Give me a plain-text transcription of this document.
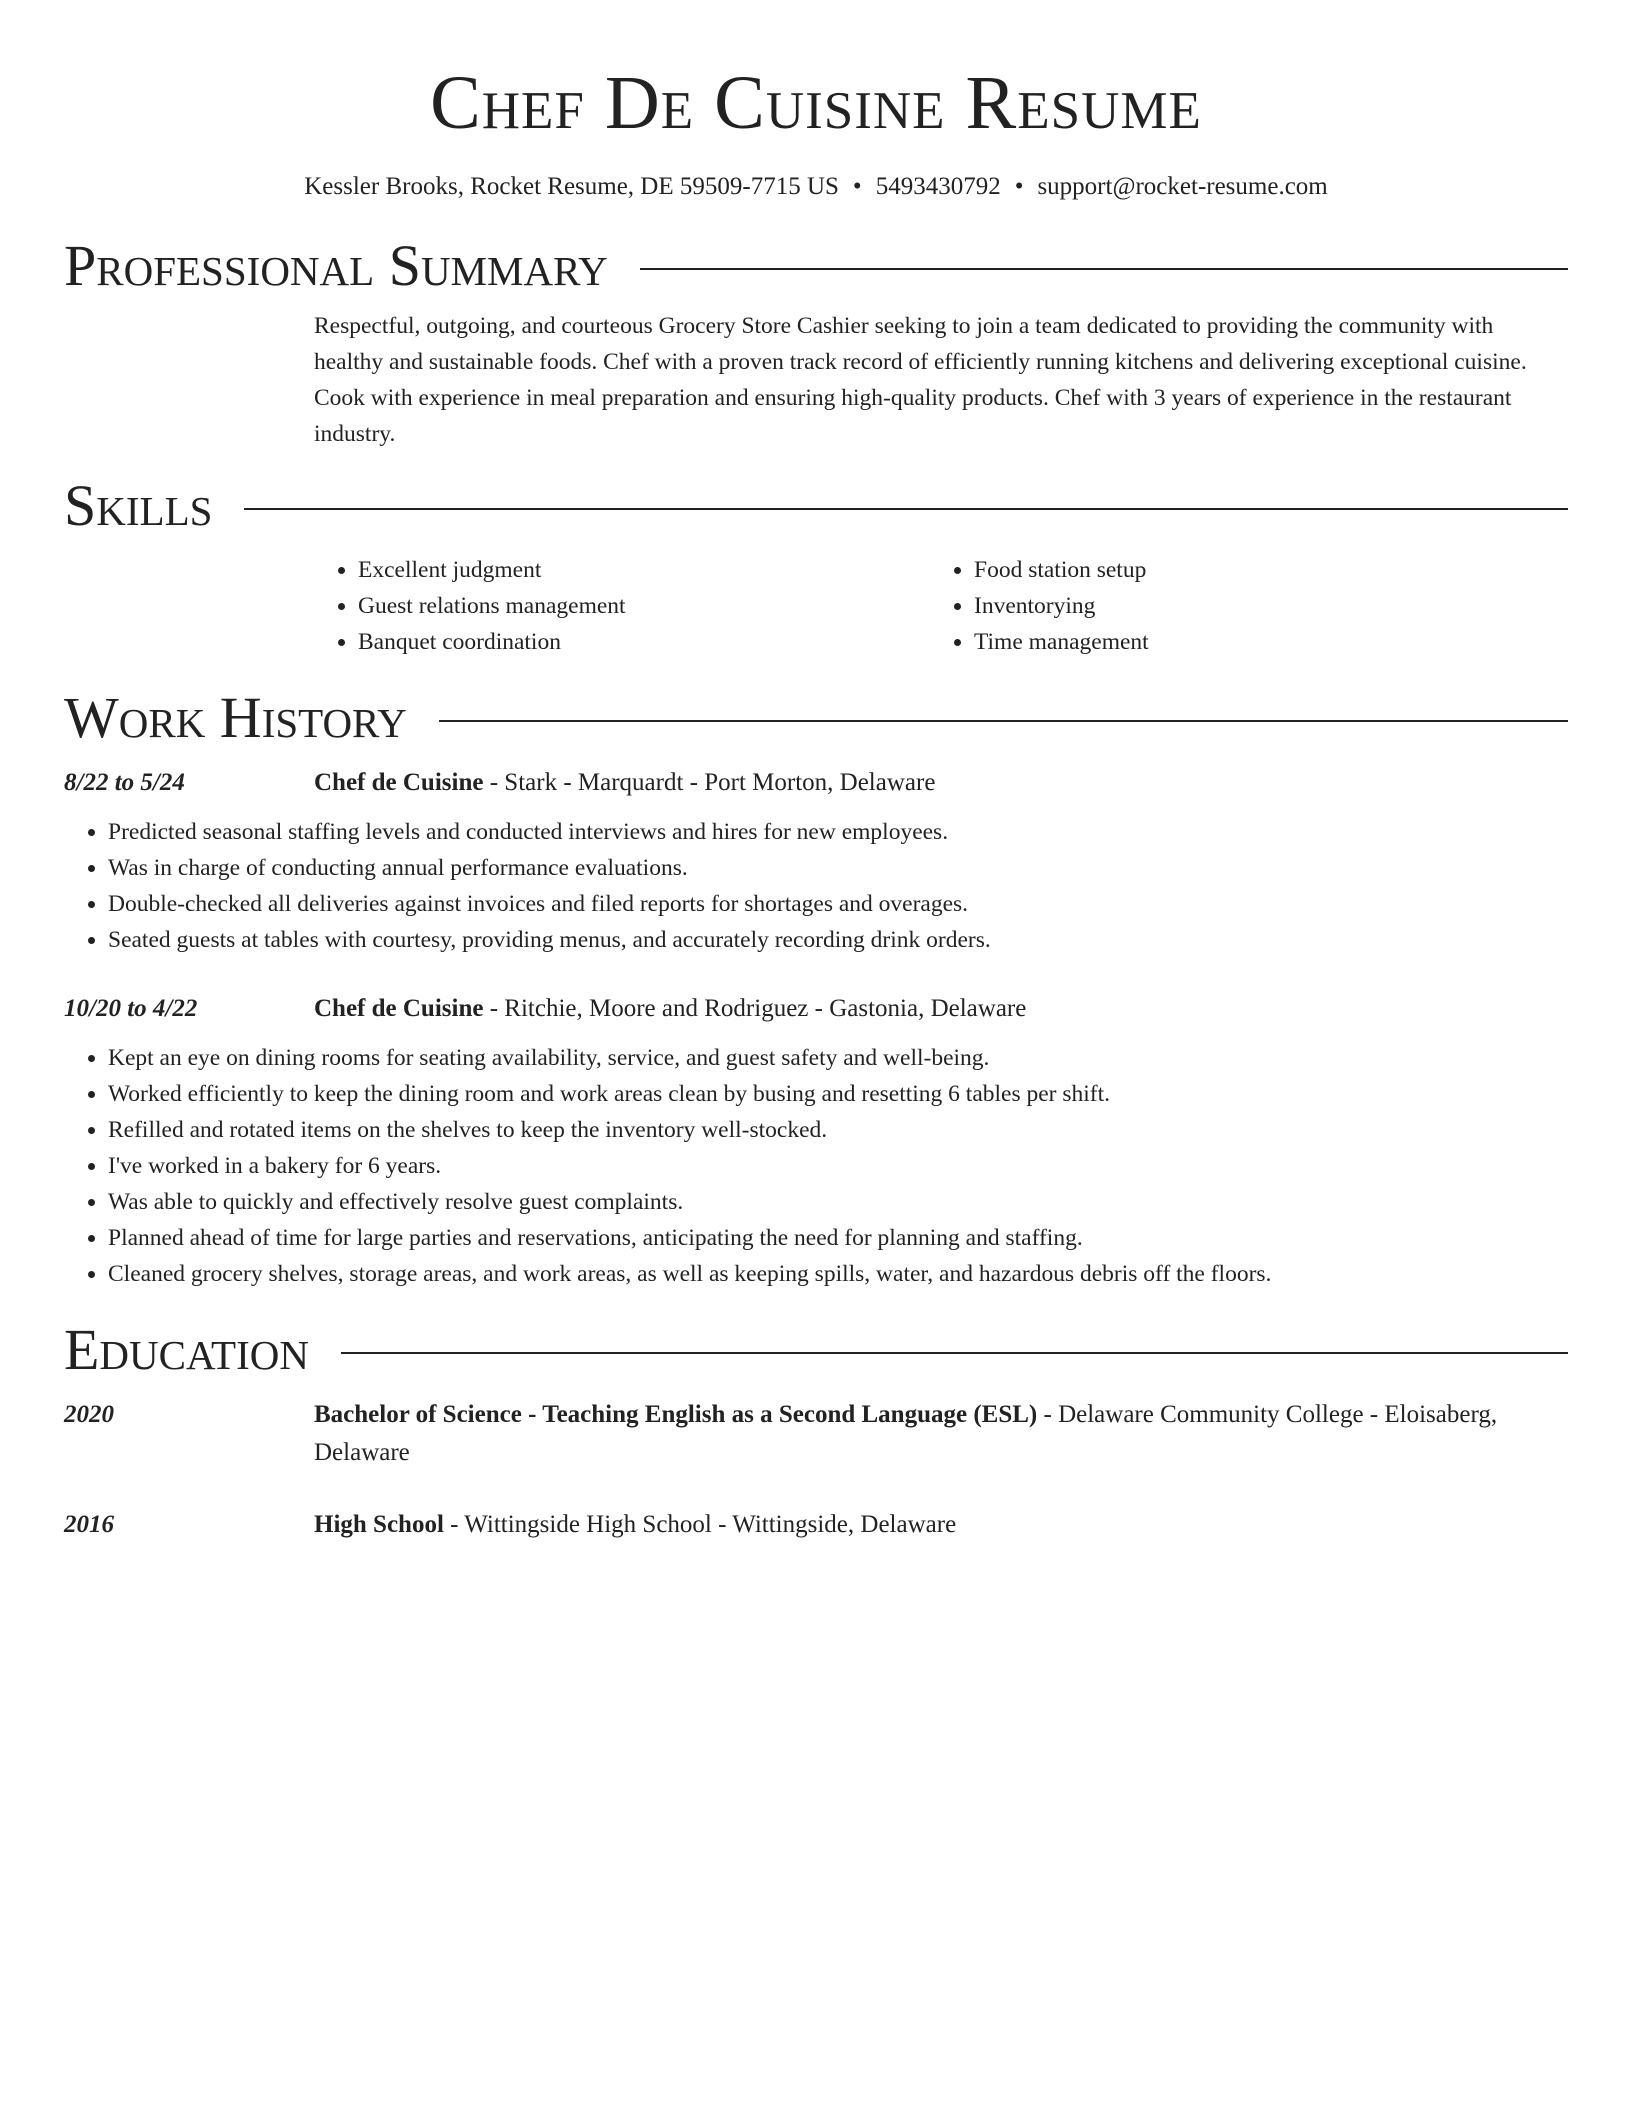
Chef De Cuisine Resume
Kessler Brooks, Rocket Resume, DE 59509-7715 US • 5493430792 • support@rocket-resume.com
Professional Summary

Respectful, outgoing, and courteous Grocery Store Cashier seeking to join a team dedicated to providing the community with healthy and sustainable foods. Chef with a proven track record of efficiently running kitchens and delivering exceptional cuisine. Cook with experience in meal preparation and ensuring high-quality products. Chef with 3 years of experience in the restaurant industry.

Skills
• Excellent judgment
• Guest relations management
• Banquet coordination
• Food station setup
• Inventorying
• Time management
Work History
8/22 to 5/24	Chef de Cuisine - Stark - Marquardt - Port Morton, Delaware
• Predicted seasonal staffing levels and conducted interviews and hires for new employees.
• Was in charge of conducting annual performance evaluations.
• Double-checked all deliveries against invoices and filed reports for shortages and overages.
• Seated guests at tables with courtesy, providing menus, and accurately recording drink orders.
10/20 to 4/22	Chef de Cuisine - Ritchie, Moore and Rodriguez - Gastonia, Delaware
• Kept an eye on dining rooms for seating availability, service, and guest safety and well-being.
• Worked efficiently to keep the dining room and work areas clean by busing and resetting 6 tables per shift.
• Refilled and rotated items on the shelves to keep the inventory well-stocked.
• I've worked in a bakery for 6 years.
• Was able to quickly and effectively resolve guest complaints.
• Planned ahead of time for large parties and reservations, anticipating the need for planning and staffing.
• Cleaned grocery shelves, storage areas, and work areas, as well as keeping spills, water, and hazardous debris off the floors.
Education
2020	Bachelor of Science - Teaching English as a Second Language (ESL) - Delaware Community College - Eloisaberg, Delaware
2016	High School - Wittingside High School - Wittingside, Delaware
